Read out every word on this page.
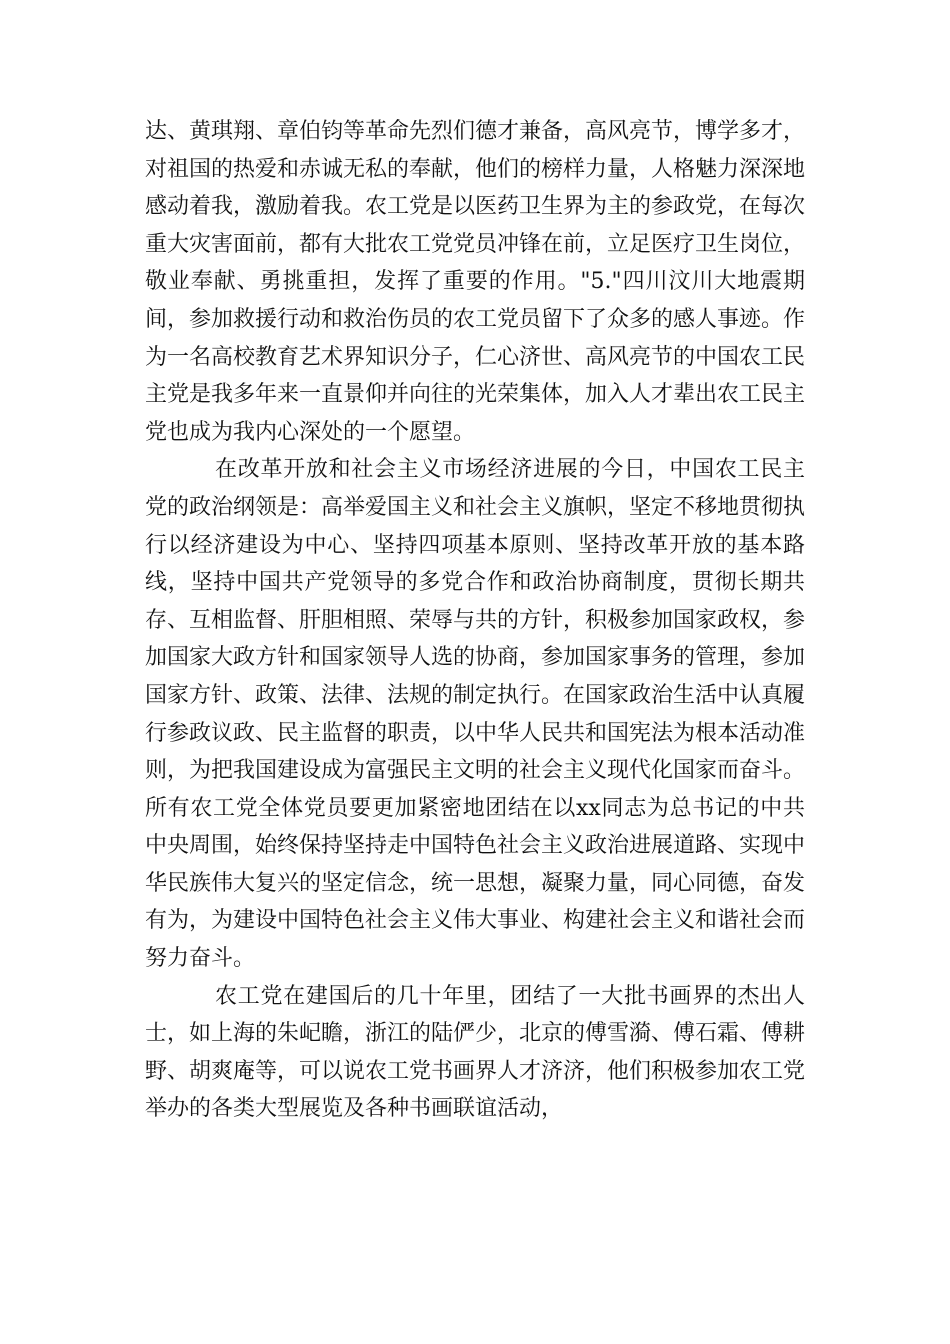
达、黄琪翔、章伯钧等革命先烈们德才兼备，高风亮节，博学多才，对祖国的热爱和赤诚无私的奉献，他们的榜样力量，人格魅力深深地感动着我，激励着我。农工党是以医药卫生界为主的参政党，在每次重大灾害面前，都有大批农工党党员冲锋在前，立足医疗卫生岗位，敬业奉献、勇挑重担，发挥了重要的作用。"5."四川汶川大地震期间，参加救援行动和救治伤员的农工党员留下了众多的感人事迹。作为一名高校教育艺术界知识分子，仁心济世、高风亮节的中国农工民主党是我多年来一直景仰并向往的光荣集体，加入人才辈出农工民主党也成为我内心深处的一个愿望。

在改革开放和社会主义市场经济进展的今日，中国农工民主党的政治纲领是：高举爱国主义和社会主义旗帜，坚定不移地贯彻执行以经济建设为中心、坚持四项基本原则、坚持改革开放的基本路线，坚持中国共产党领导的多党合作和政治协商制度，贯彻长期共存、互相监督、肝胆相照、荣辱与共的方针，积极参加国家政权，参加国家大政方针和国家领导人选的协商，参加国家事务的管理，参加国家方针、政策、法律、法规的制定执行。在国家政治生活中认真履行参政议政、民主监督的职责，以中华人民共和国宪法为根本活动准则，为把我国建设成为富强民主文明的社会主义现代化国家而奋斗。所有农工党全体党员要更加紧密地团结在以xx同志为总书记的中共中央周围，始终保持坚持走中国特色社会主义政治进展道路、实现中华民族伟大复兴的坚定信念，统一思想，凝聚力量，同心同德，奋发有为，为建设中国特色社会主义伟大事业、构建社会主义和谐社会而努力奋斗。

农工党在建国后的几十年里，团结了一大批书画界的杰出人士，如上海的朱屺瞻，浙江的陆俨少，北京的傅雪漪、傅石霜、傅耕野、胡爽庵等，可以说农工党书画界人才济济，他们积极参加农工党举办的各类大型展览及各种书画联谊活动，
